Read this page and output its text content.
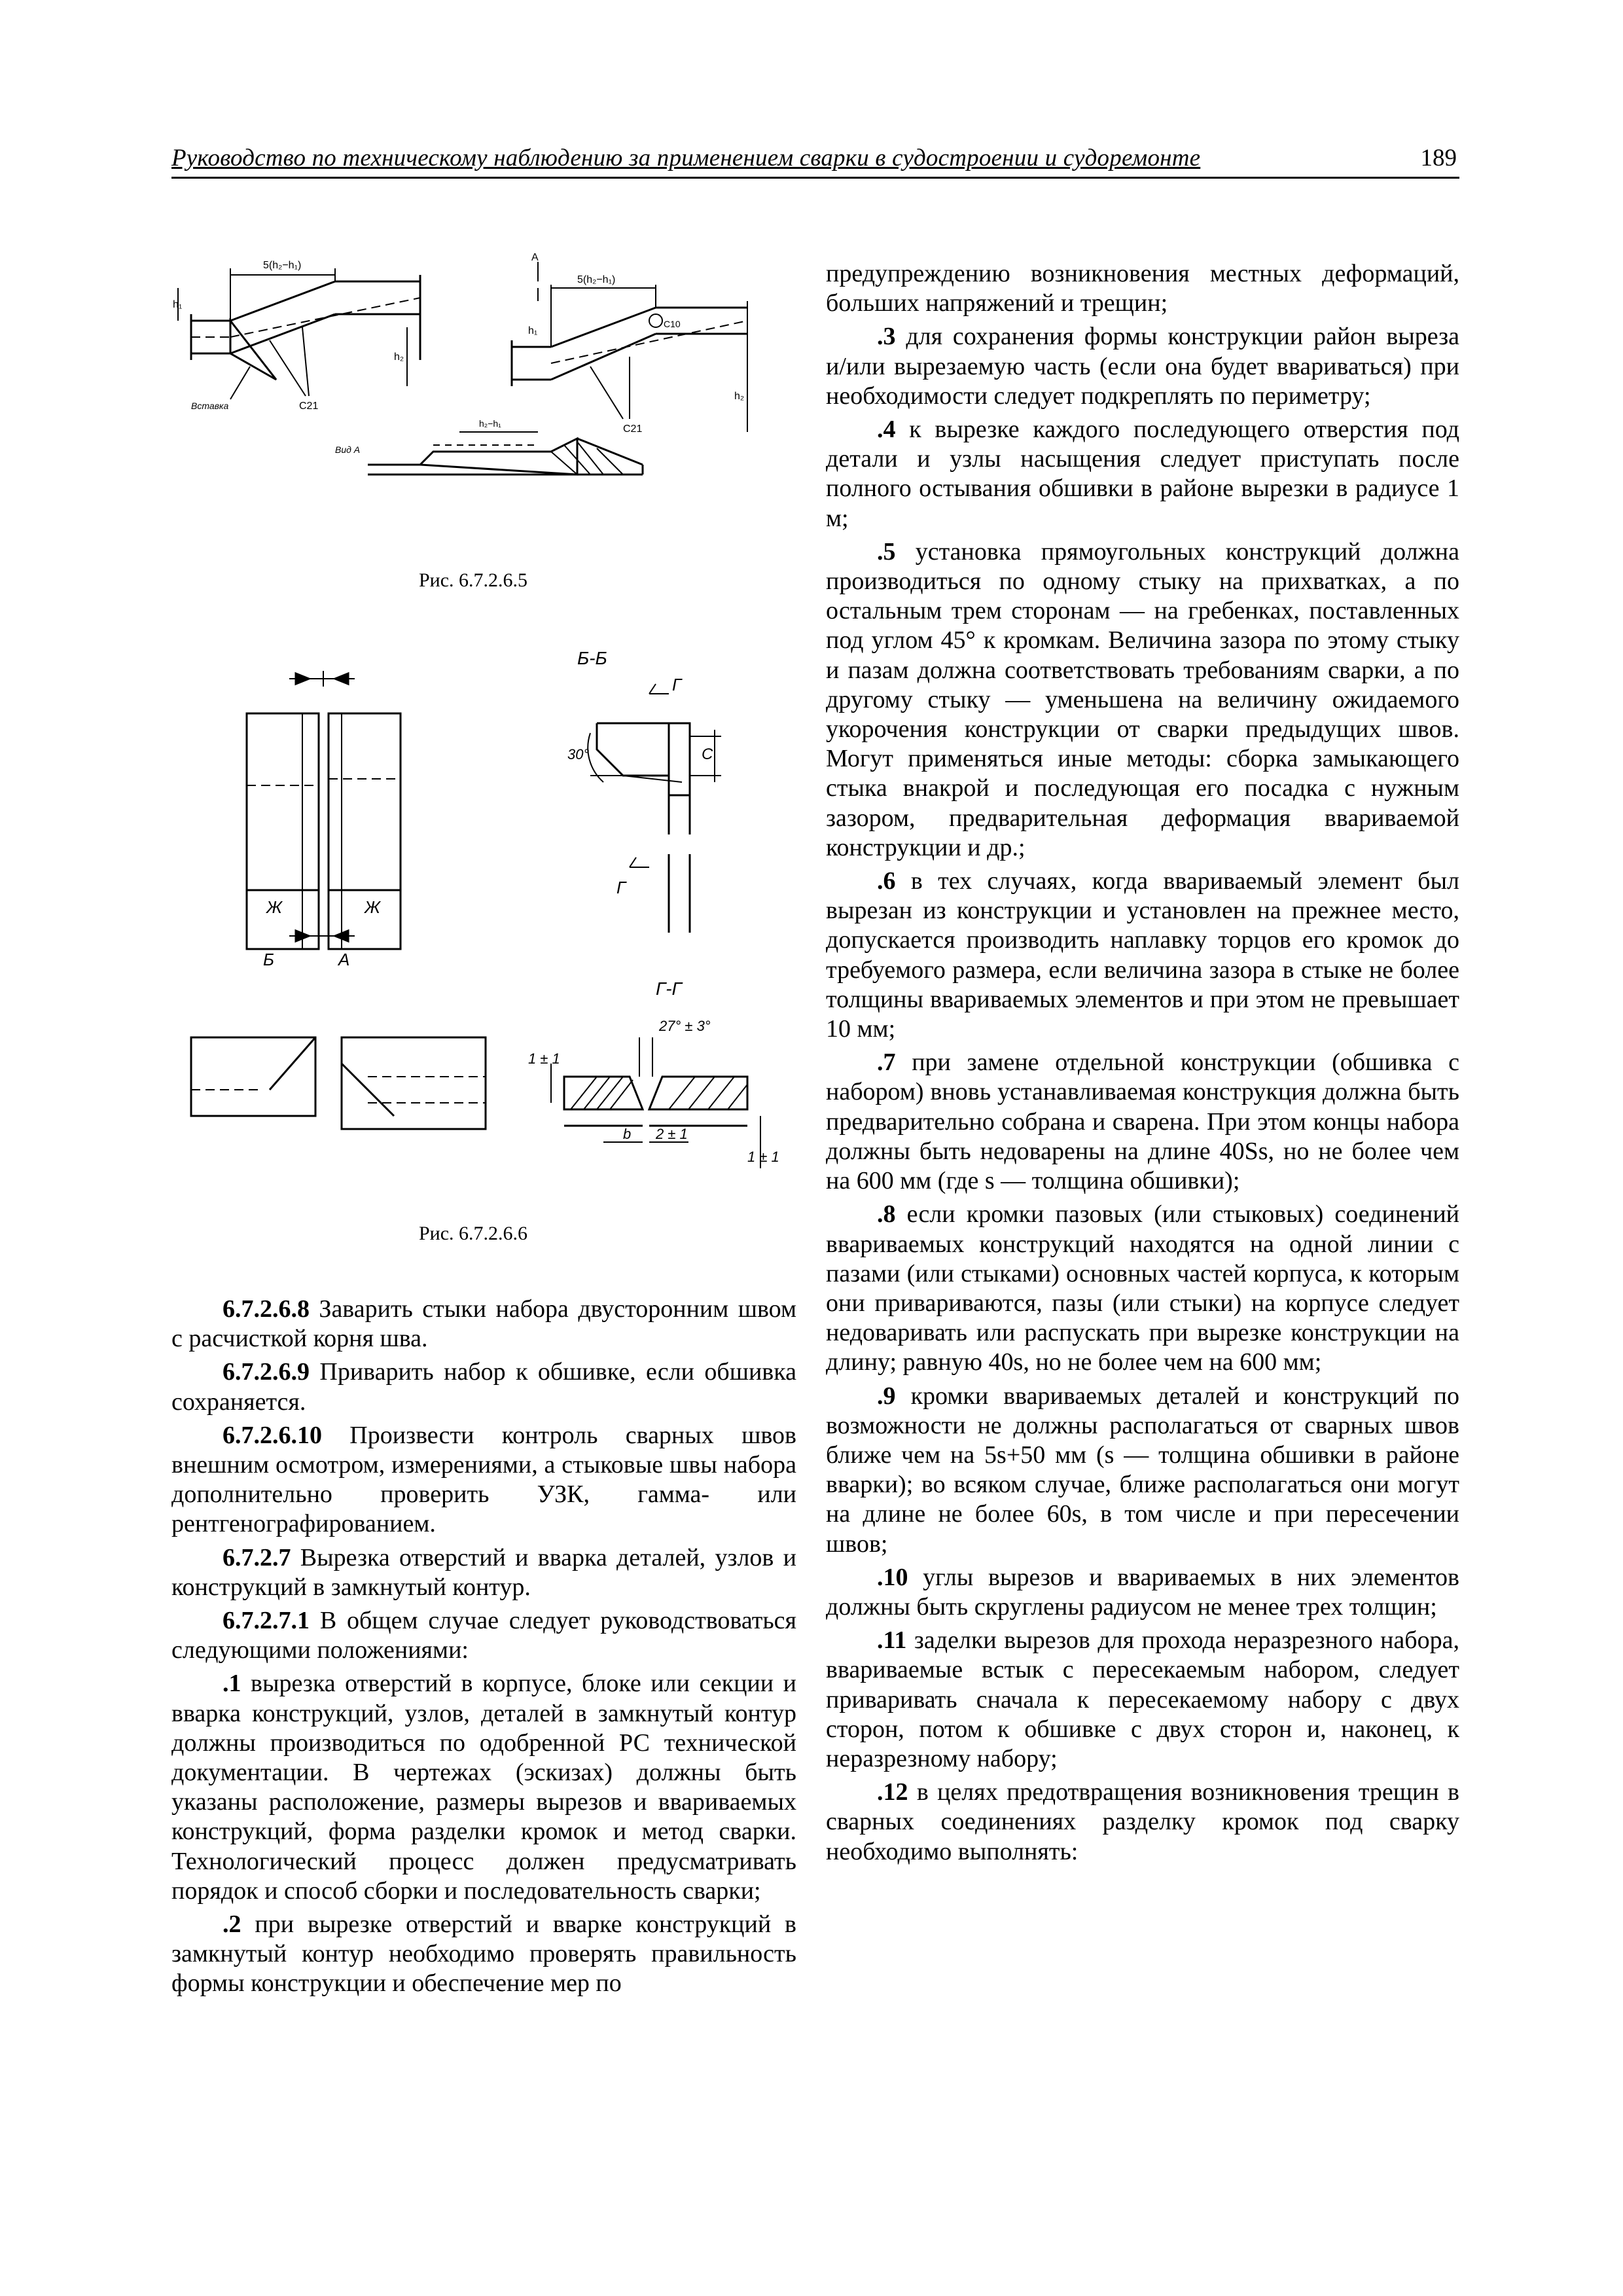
Руководство по техническому наблюдению за применением сварки в судостроении и судоремонте	189
5(h₂−h₁)
5(h₂−h₁)
Вставка	С21
С21
h₁
h₂
h₁
h₂
A
С10
Вид А
h₂−h₁
Рис. 6.7.2.6.5
Б-Б
Г
Г
30°	C
Ж	Ж
Б	А
Г-Г
27° ± 3°
1 ± 1
1 ± 1
b 2 ± 1
Рис. 6.7.2.6.6

6.7.2.6.8 Заварить стыки набора двусторонним швом с расчисткой корня шва.

6.7.2.6.9 Приварить набор к обшивке, если обшивка сохраняется.

6.7.2.6.10 Произвести контроль сварных швов внешним осмотром, измерениями, а стыковые швы набора дополнительно проверить УЗК, гамма- или рентгенографированием.

6.7.2.7 Вырезка отверстий и вварка деталей, узлов и конструкций в замкнутый контур.

6.7.2.7.1 В общем случае следует руководствоваться следующими положениями:

.1 вырезка отверстий в корпусе, блоке или секции и вварка конструкций, узлов, деталей в замкнутый контур должны производиться по одобренной РС технической документации. В чертежах (эскизах) должны быть указаны расположение, размеры вырезов и ввариваемых конструкций, форма разделки кромок и метод сварки. Технологический процесс должен предусматривать порядок и способ сборки и последовательность сварки;

.2 при вырезке отверстий и вварке конструкций в замкнутый контур необходимо проверять правильность формы конструкции и обеспечение мер по

предупреждению возникновения местных деформаций, больших напряжений и трещин;

.3 для сохранения формы конструкции район выреза и/или вырезаемую часть (если она будет ввариваться) при необходимости следует подкреплять по периметру;

.4 к вырезке каждого последующего отверстия под детали и узлы насыщения следует приступать после полного остывания обшивки в районе вырезки в радиусе 1 м;

.5 установка прямоугольных конструкций должна производиться по одному стыку на прихватках, а по остальным трем сторонам — на гребенках, поставленных под углом 45° к кромкам. Величина зазора по этому стыку и пазам должна соответствовать требованиям сварки, а по другому стыку — уменьшена на величину ожидаемого укорочения конструкции от сварки предыдущих швов. Могут применяться иные методы: сборка замыкающего стыка внакрой и последующая его посадка с нужным зазором, предварительная деформация ввариваемой конструкции и др.;

.6 в тех случаях, когда ввариваемый элемент был вырезан из конструкции и установлен на прежнее место, допускается производить наплавку торцов его кромок до требуемого размера, если величина зазора в стыке не более толщины ввариваемых элементов и при этом не превышает 10 мм;

.7 при замене отдельной конструкции (обшивка с набором) вновь устанавливаемая конструкция должна быть предварительно собрана и сварена. При этом концы набора должны быть недоварены на длине 40Ss, но не более чем на 600 мм (где s — толщина обшивки);

.8 если кромки пазовых (или стыковых) соединений ввариваемых конструкций находятся на одной линии с пазами (или стыками) основных частей корпуса, к которым они привариваются, пазы (или стыки) на корпусе следует недоваривать или распускать при вырезке конструкции на длину; равную 40s, но не более чем на 600 мм;

.9 кромки ввариваемых деталей и конструкций по возможности не должны располагаться от сварных швов ближе чем на 5s+50 мм (s — толщина обшивки в районе вварки); во всяком случае, ближе располагаться они могут на длине не более 60s, в том числе и при пересечении швов;

.10 углы вырезов и ввариваемых в них элементов должны быть скруглены радиусом не менее трех толщин;

.11 заделки вырезов для прохода неразрезного набора, ввариваемые встык с пересекаемым набором, следует приваривать сначала к пересекаемому набору с двух сторон, потом к обшивке с двух сторон и, наконец, к неразрезному набору;

.12 в целях предотвращения возникновения трещин в сварных соединениях разделку кромок под сварку необходимо выполнять:
